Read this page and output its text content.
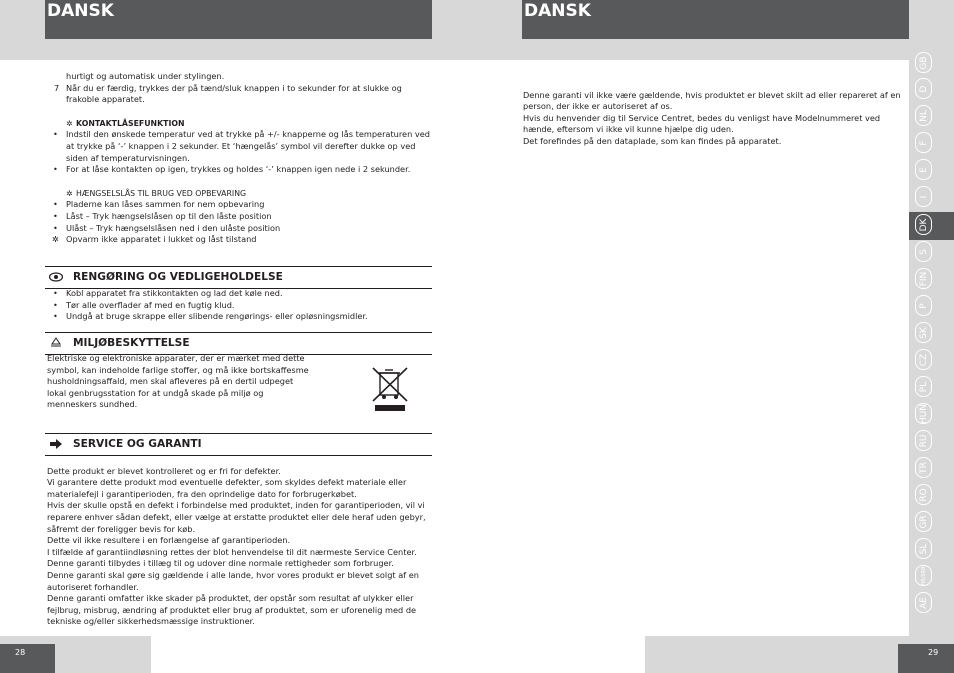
DANSK	DANSK

hurtigt og automatisk under stylingen.

7 Når du er færdig, trykkes der på tænd/sluk knappen i to sekunder for at slukke og frakoble apparatet.

✲ KONTAKTLÅSEFUNKTION
• Indstil den ønskede temperatur ved at trykke på +/- knapperne og lås temperaturen ved at trykke på ‘-’ knappen i 2 sekunder. Et ‘hængelås’ symbol vil derefter dukke op ved siden af temperaturvisningen.

• For at låse kontakten op igen, trykkes og holdes ‘-’ knappen igen nede i 2 sekunder.

✲ HÆNGSELSLÅS TIL BRUG VED OPBEVARING
• Pladerne kan låses sammen for nem opbevaring

• Låst – Tryk hængselslåsen op til den låste position

• Ulåst – Tryk hængselslåsen ned i den ulåste position

✲ Opvarm ikke apparatet i lukket og låst tilstand

RENGØRING OG VEDLIGEHOLDELSE
• Kobl apparatet fra stikkontakten og lad det køle ned.

• Tør alle overflader af med en fugtig klud.

• Undgå at bruge skrappe eller slibende rengørings- eller opløsningsmidler.

MILJØBESKYTTELSE

Elektriske og elektroniske apparater, der er mærket med dette symbol, kan indeholde farlige stoffer, og må ikke bortskaffesme husholdningsaffald, men skal afleveres på en dertil udpeget lokal genbrugsstation for at undgå skade på miljø og menneskers sundhed.

SERVICE OG GARANTI

Dette produkt er blevet kontrolleret og er fri for defekter.
Vi garantere dette produkt mod eventuelle defekter, som skyldes defekt materiale eller materialefejl i garantiperioden, fra den oprindelige dato for forbrugerkøbet.
Hvis der skulle opstå en defekt i forbindelse med produktet, inden for garantiperioden, vil vi reparere enhver sådan defekt, eller vælge at erstatte produktet eller dele heraf uden gebyr, såfremt der foreligger bevis for køb.
Dette vil ikke resultere i en forlængelse af garantiperioden.
I tilfælde af garantiindløsning rettes der blot henvendelse til dit nærmeste Service Center.
Denne garanti tilbydes i tillæg til og udover dine normale rettigheder som forbruger.
Denne garanti skal gøre sig gældende i alle lande, hvor vores produkt er blevet solgt af en autoriseret forhandler.
Denne garanti omfatter ikke skader på produktet, der opstår som resultat af ulykker eller fejlbrug, misbrug, ændring af produktet eller brug af produktet, som er uforenelig med de tekniske og/eller sikkerhedsmæssige instruktioner.

Denne garanti vil ikke være gældende, hvis produktet er blevet skilt ad eller repareret af en person, der ikke er autoriseret af os.
Hvis du henvender dig til Service Centret, bedes du venligst have Modelnummeret ved hænde, eftersom vi ikke vil kunne hjælpe dig uden.
Det forefindes på den dataplade, som kan findes på apparatet.

GB
D
NL
F
E
I
DK
S
FIN
P
SK
CZ
PL
HUN
RU
TR
RO
GR
SL
HR/SRB
AE
28	29
